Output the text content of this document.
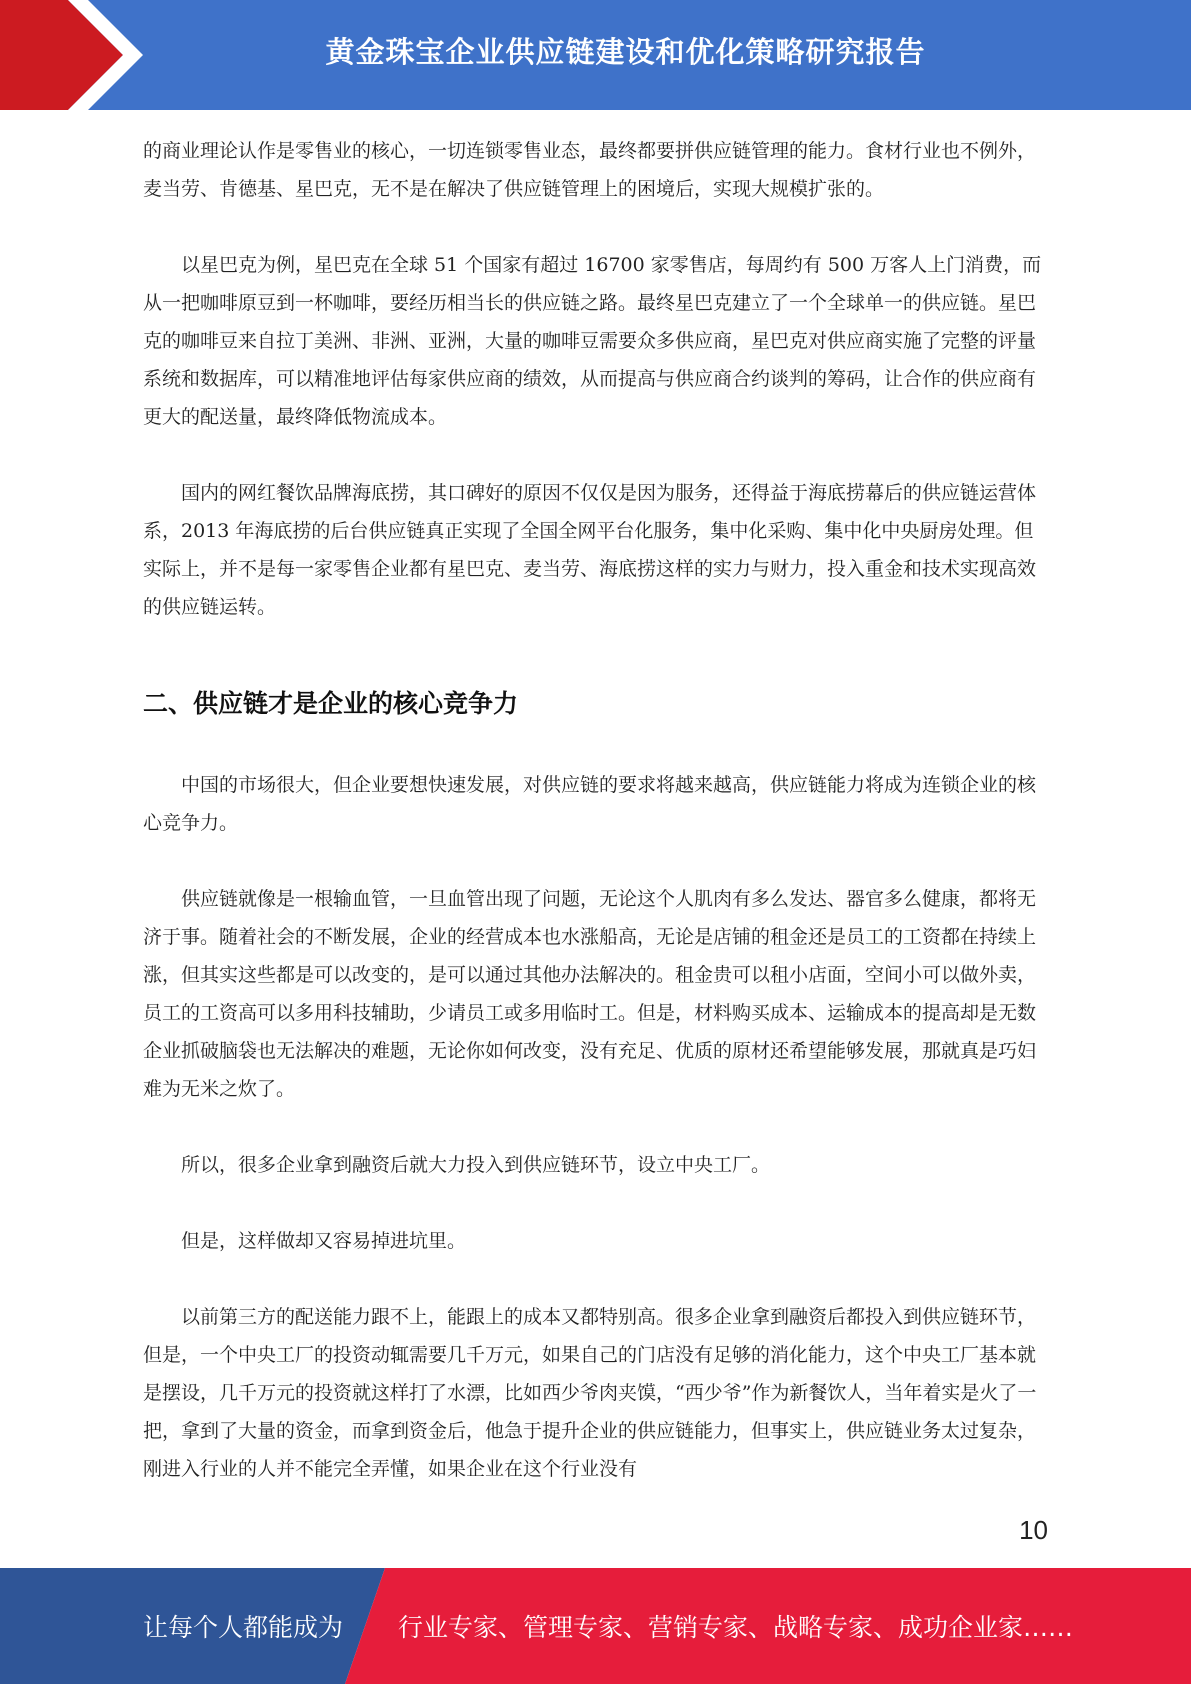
黄金珠宝企业供应链建设和优化策略研究报告

的商业理论认作是零售业的核心，一切连锁零售业态，最终都要拼供应链管理的能力。食材行业也不例外，麦当劳、肯德基、星巴克，无不是在解决了供应链管理上的困境后，实现大规模扩张的。

以星巴克为例，星巴克在全球 51 个国家有超过 16700 家零售店，每周约有 500 万客人上门消费，而从一把咖啡原豆到一杯咖啡，要经历相当长的供应链之路。最终星巴克建立了一个全球单一的供应链。星巴克的咖啡豆来自拉丁美洲、非洲、亚洲，大量的咖啡豆需要众多供应商，星巴克对供应商实施了完整的评量系统和数据库，可以精准地评估每家供应商的绩效，从而提高与供应商合约谈判的筹码，让合作的供应商有更大的配送量，最终降低物流成本。

国内的网红餐饮品牌海底捞，其口碑好的原因不仅仅是因为服务，还得益于海底捞幕后的供应链运营体系，2013 年海底捞的后台供应链真正实现了全国全网平台化服务，集中化采购、集中化中央厨房处理。但实际上，并不是每一家零售企业都有星巴克、麦当劳、海底捞这样的实力与财力，投入重金和技术实现高效的供应链运转。

二、供应链才是企业的核心竞争力

中国的市场很大，但企业要想快速发展，对供应链的要求将越来越高，供应链能力将成为连锁企业的核心竞争力。

供应链就像是一根输血管，一旦血管出现了问题，无论这个人肌肉有多么发达、器官多么健康，都将无济于事。随着社会的不断发展，企业的经营成本也水涨船高，无论是店铺的租金还是员工的工资都在持续上涨，但其实这些都是可以改变的，是可以通过其他办法解决的。租金贵可以租小店面，空间小可以做外卖，员工的工资高可以多用科技辅助，少请员工或多用临时工。但是，材料购买成本、运输成本的提高却是无数企业抓破脑袋也无法解决的难题，无论你如何改变，没有充足、优质的原材还希望能够发展，那就真是巧妇难为无米之炊了。

所以，很多企业拿到融资后就大力投入到供应链环节，设立中央工厂。

但是，这样做却又容易掉进坑里。

以前第三方的配送能力跟不上，能跟上的成本又都特别高。很多企业拿到融资后都投入到供应链环节，但是，一个中央工厂的投资动辄需要几千万元，如果自己的门店没有足够的消化能力，这个中央工厂基本就是摆设，几千万元的投资就这样打了水漂，比如西少爷肉夹馍，“西少爷”作为新餐饮人，当年着实是火了一把，拿到了大量的资金，而拿到资金后，他急于提升企业的供应链能力，但事实上，供应链业务太过复杂，刚进入行业的人并不能完全弄懂，如果企业在这个行业没有

10
让每个人都能成为 行业专家、管理专家、营销专家、战略专家、成功企业家……
